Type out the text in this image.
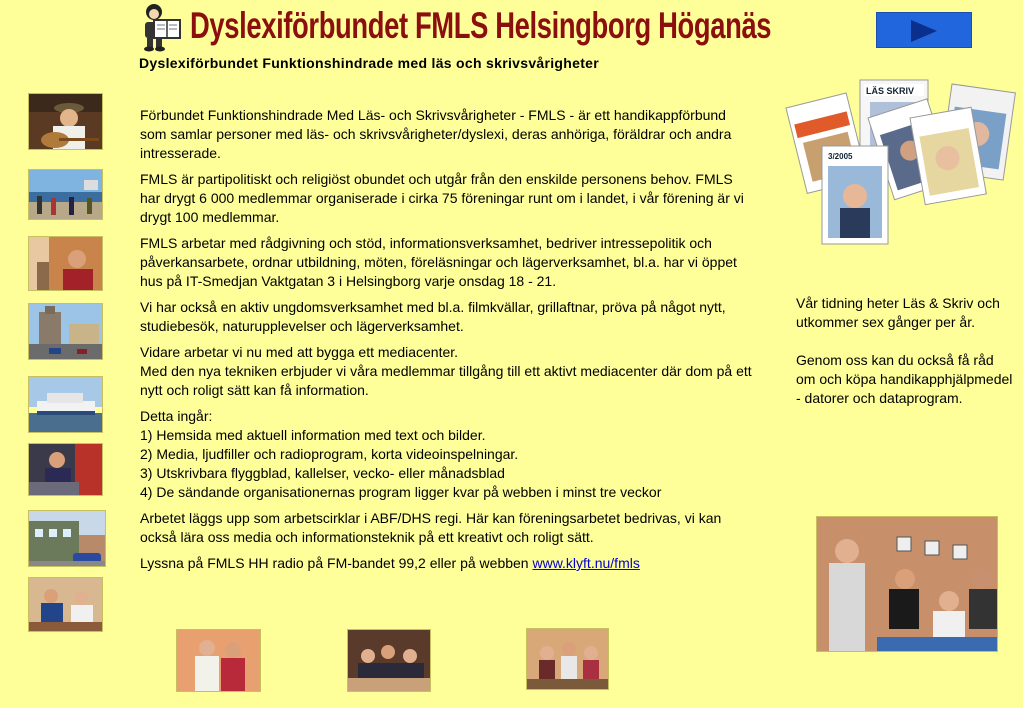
Dyslexiförbundet FMLS Helsingborg Höganäs
Dyslexiförbundet Funktionshindrade med läs och skrivsvårigheter

Förbundet Funktionshindrade Med Läs- och Skrivsvårigheter - FMLS - är ett handikappförbund som samlar personer med läs- och skrivsvårigheter/dyslexi, deras anhöriga, föräldrar och andra intresserade.

FMLS är partipolitiskt och religiöst obundet och utgår från den enskilde personens behov. FMLS har drygt 6 000 medlemmar organiserade i cirka 75 föreningar runt om i landet, i vår förening är vi drygt 100 medlemmar.

FMLS arbetar med rådgivning och stöd, informationsverksamhet, bedriver intressepolitik och påverkansarbete, ordnar utbildning, möten, föreläsningar och lägerverksamhet, bl.a. har vi öppet hus på IT-Smedjan Vaktgatan 3 i Helsingborg varje onsdag 18 - 21.

Vi har också en aktiv ungdomsverksamhet med bl.a. filmkvällar, grillaftnar, pröva på något nytt, studiebesök, naturupplevelser och lägerverksamhet.

Vidare arbetar vi nu med att bygga ett mediacenter.
Med den nya tekniken erbjuder vi våra medlemmar tillgång till ett aktivt mediacenter där dom på ett nytt och roligt sätt kan få information.

Detta ingår:
1) Hemsida med aktuell information med text och bilder.
2) Media, ljudfiller och radioprogram, korta videoinspelningar.
3) Utskrivbara flyggblad, kallelser, vecko- eller månadsblad
4) De sändande organisationernas program ligger kvar på webben i minst tre veckor

Arbetet läggs upp som arbetscirklar i ABF/DHS regi. Här kan föreningsarbetet bedrivas, vi kan också lära oss media och informationsteknik på ett kreativt och roligt sätt.

Lyssna på FMLS HH radio på FM-bandet 99,2 eller på webben www.klyft.nu/fmls

LÄS SKRIV
3/2005

Vår tidning heter Läs & Skriv och utkommer sex gånger per år.

Genom oss kan du också få råd om och köpa handikapphjälpmedel - datorer och dataprogram.
